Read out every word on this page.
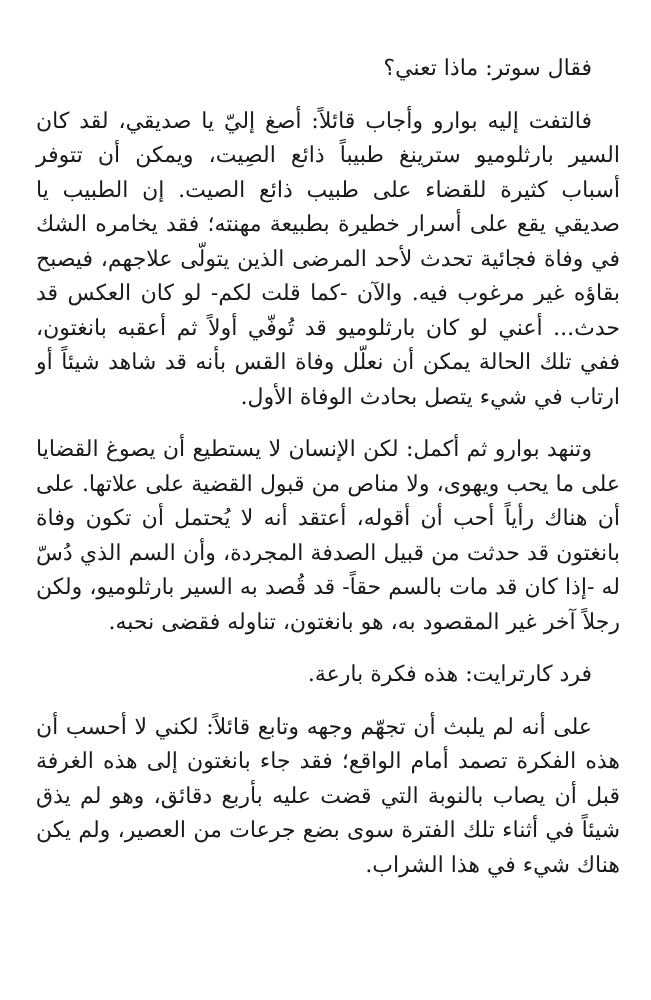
فقال سوتر: ماذا تعني؟

فالتفت إليه بوارو وأجاب قائلاً: أصغ إليّ يا صديقي، لقد كان السير بارثلوميو سترينغ طبيباً ذائع الصِيت، ويمكن أن تتوفر أسباب كثيرة للقضاء على طبيب ذائع الصيت. إن الطبيب يا صديقي يقع على أسرار خطيرة بطبيعة مهنته؛ فقد يخامره الشك في وفاة فجائية تحدث لأحد المرضى الذين يتولّى علاجهم، فيصبح بقاؤه غير مرغوب فيه. والآن -كما قلت لكم- لو كان العكس قد حدث... أعني لو كان بارثلوميو قد تُوفّي أولاً ثم أعقبه بانغتون، ففي تلك الحالة يمكن أن نعلّل وفاة القس بأنه قد شاهد شيئاً أو ارتاب في شيء يتصل بحادث الوفاة الأول.

وتنهد بوارو ثم أكمل: لكن الإنسان لا يستطيع أن يصوغ القضايا على ما يحب ويهوى، ولا مناص من قبول القضية على علاتها. على أن هناك رأياً أحب أن أقوله، أعتقد أنه لا يُحتمل أن تكون وفاة بانغتون قد حدثت من قبيل الصدفة المجردة، وأن السم الذي دُسّ له -إذا كان قد مات بالسم حقاً- قد قُصد به السير بارثلوميو، ولكن رجلاً آخر غير المقصود به، هو بانغتون، تناوله فقضى نحبه.

فرد كارترايت: هذه فكرة بارعة.

على أنه لم يلبث أن تجهّم وجهه وتابع قائلاً: لكني لا أحسب أن هذه الفكرة تصمد أمام الواقع؛ فقد جاء بانغتون إلى هذه الغرفة قبل أن يصاب بالنوبة التي قضت عليه بأربع دقائق، وهو لم يذق شيئاً في أثناء تلك الفترة سوى بضع جرعات من العصير، ولم يكن هناك شيء في هذا الشراب.
